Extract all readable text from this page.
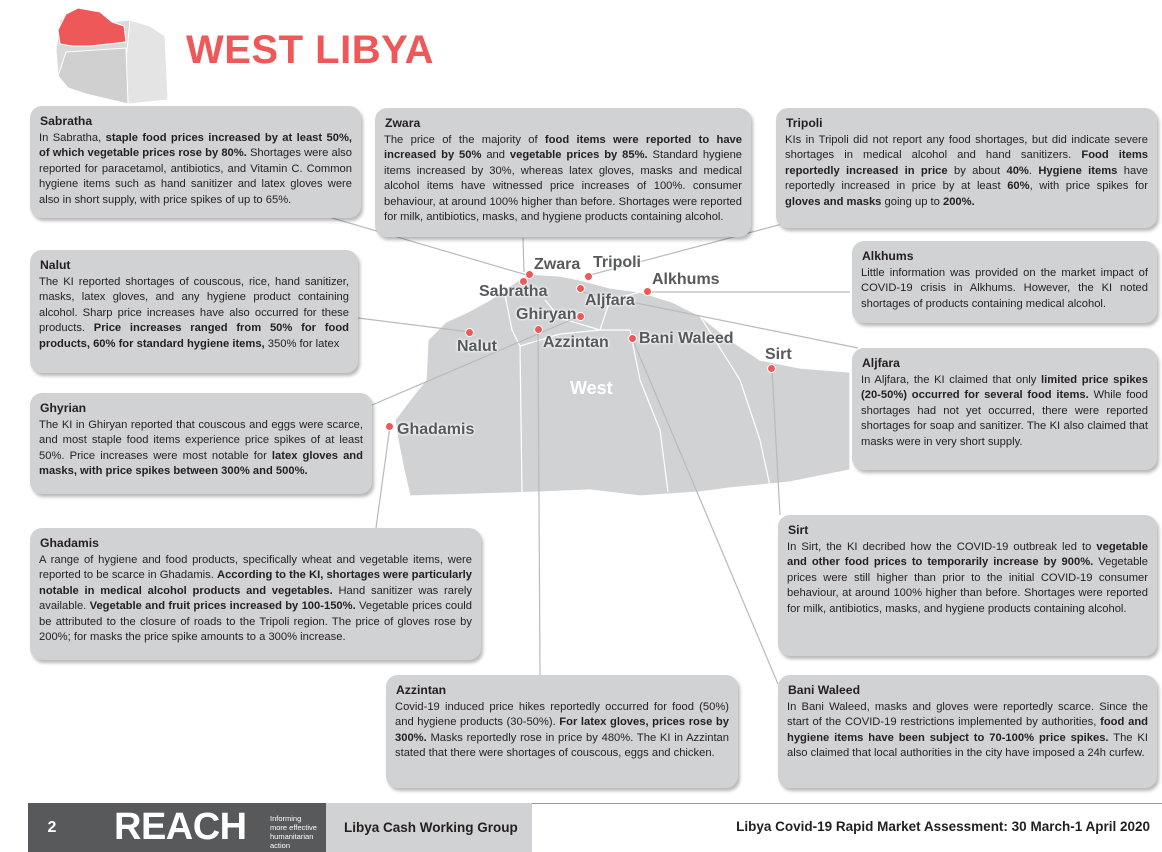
WEST LIBYA
West
Zwara Tripoli
Sabratha
Alkhums
Aljfara
Ghiryan
Nalut	Azzintan Bani Waleed
Sirt
Ghadamis
Sabratha

In Sabratha, staple food prices increased by at least 50%, of which vegetable prices rose by 80%. Shortages were also reported for paracetamol, antibiotics, and Vitamin C. Common hygiene items such as hand sanitizer and latex gloves were also in short supply, with price spikes of up to 65%.

Zwara

The price of the majority of food items were reported to have increased by 50% and vegetable prices by 85%. Standard hygiene items increased by 30%, whereas latex gloves, masks and medical alcohol items have witnessed price increases of 100%. consumer behaviour, at around 100% higher than before. Shortages were reported for milk, antibiotics, masks, and hygiene products containing alcohol.

Tripoli

KIs in Tripoli did not report any food shortages, but did indicate severe shortages in medical alcohol and hand sanitizers. Food items reportedly increased in price by about 40%. Hygiene items have reportedly increased in price by at least 60%, with price spikes for gloves and masks going up to 200%.

Nalut

The KI reported shortages of couscous, rice, hand sanitizer, masks, latex gloves, and any hygiene product containing alcohol. Sharp price increases have also occurred for these products. Price increases ranged from 50% for food products, 60% for standard hygiene items, 350% for latex

Alkhums

Little information was provided on the market impact of COVID-19 crisis in Alkhums. However, the KI noted shortages of products containing medical alcohol.

Aljfara

In Aljfara, the KI claimed that only limited price spikes (20-50%) occurred for several food items. While food shortages had not yet occurred, there were reported shortages for soap and sanitizer. The KI also claimed that masks were in very short supply.

Ghyrian

The KI in Ghiryan reported that couscous and eggs were scarce, and most staple food items experience price spikes of at least 50%. Price increases were most notable for latex gloves and masks, with price spikes between 300% and 500%.

Ghadamis

A range of hygiene and food products, specifically wheat and vegetable items, were reported to be scarce in Ghadamis. According to the KI, shortages were particularly notable in medical alcohol products and vegetables. Hand sanitizer was rarely available. Vegetable and fruit prices increased by 100-150%. Vegetable prices could be attributed to the closure of roads to the Tripoli region. The price of gloves rose by 200%; for masks the price spike amounts to a 300% increase.

Sirt

In Sirt, the KI decribed how the COVID-19 outbreak led to vegetable and other food prices to temporarily increase by 900%. Vegetable prices were still higher than prior to the initial COVID-19 consumer behaviour, at around 100% higher than before. Shortages were reported for milk, antibiotics, masks, and hygiene products containing alcohol.

Azzintan

Covid-19 induced price hikes reportedly occurred for food (50%) and hygiene products (30-50%). For latex gloves, prices rose by 300%. Masks reportedly rose in price by 480%. The KI in Azzintan stated that there were shortages of couscous, eggs and chicken.

Bani Waleed

In Bani Waleed, masks and gloves were reportedly scarce. Since the start of the COVID-19 restrictions implemented by authorities, food and hygiene items have been subject to 70-100% price spikes. The KI also claimed that local authorities in the city have imposed a 24h curfew.

2	REACH	Informing
more effective
humanitarian action
Libya Cash Working Group	Libya Covid-19 Rapid Market Assessment: 30 March-1 April 2020
